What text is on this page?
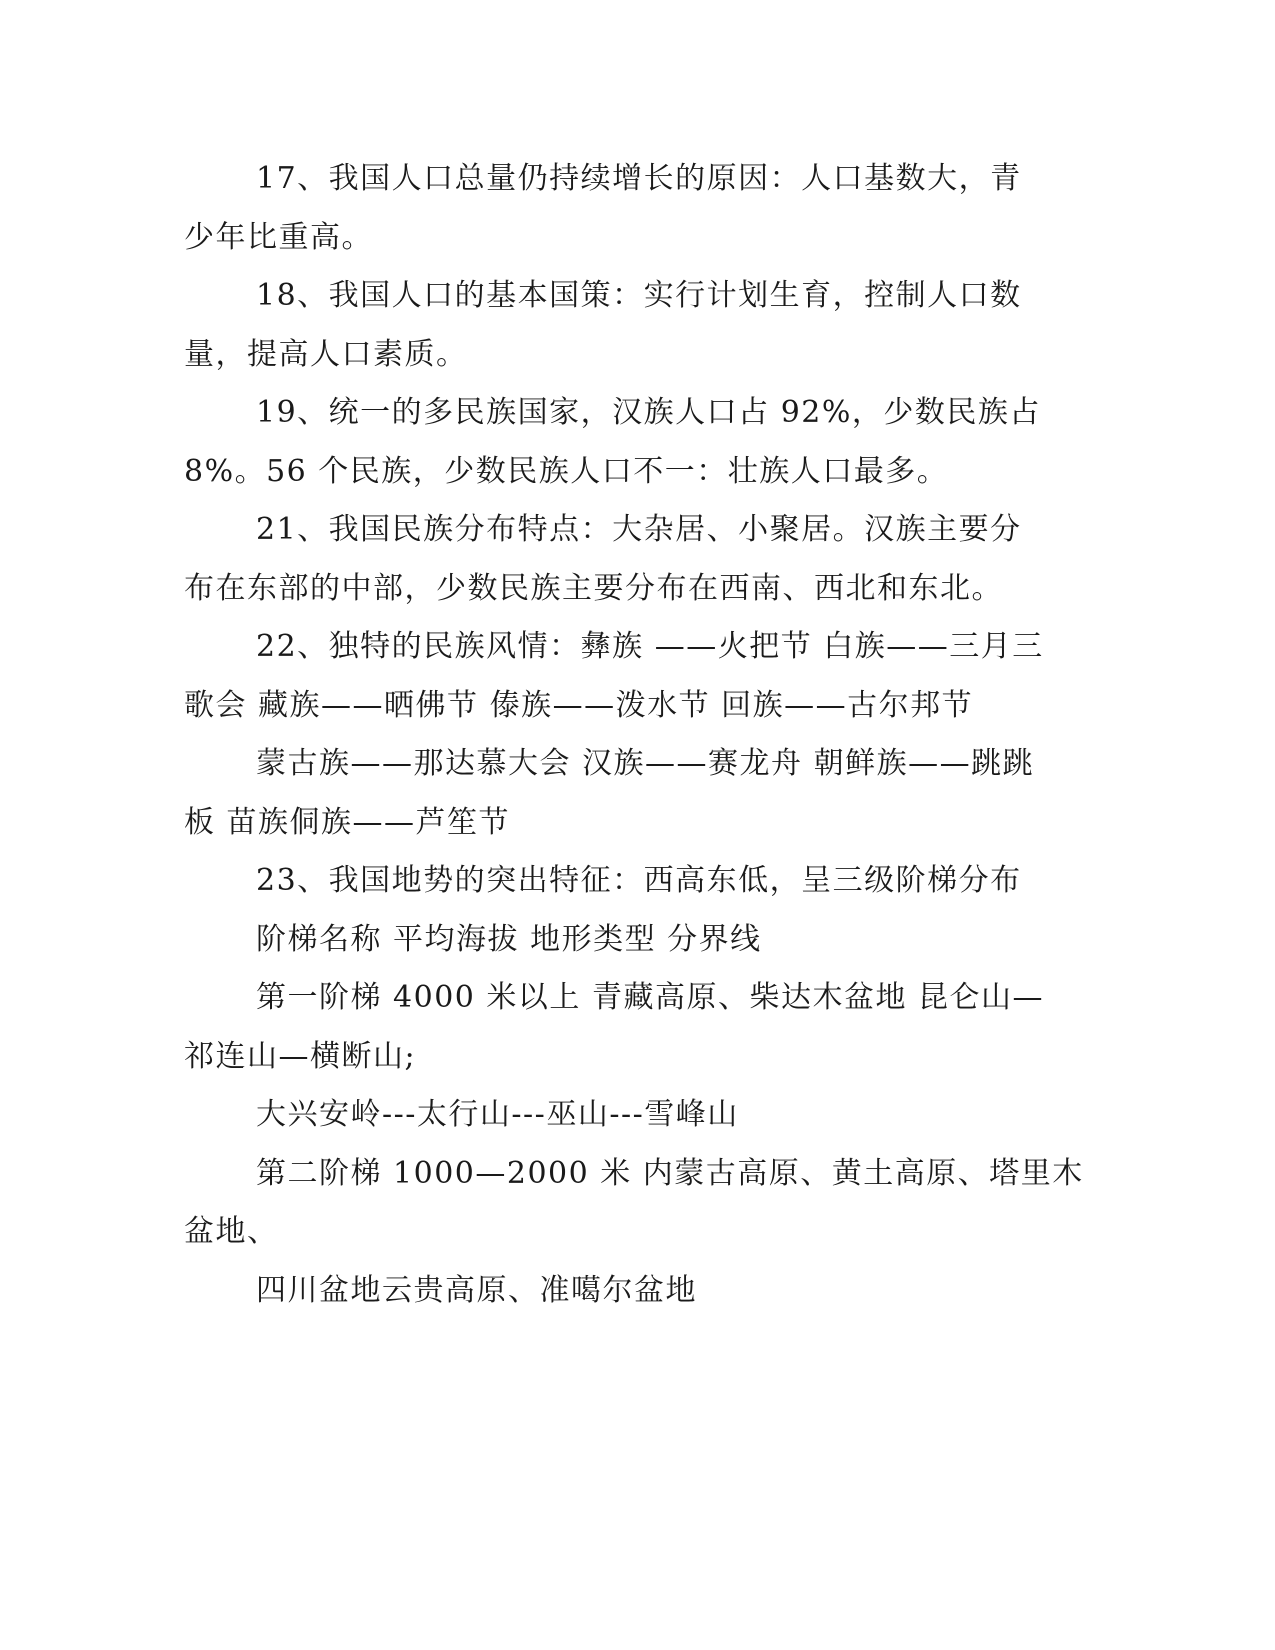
17、我国人口总量仍持续增长的原因：人口基数大，青
少年比重高。
18、我国人口的基本国策：实行计划生育，控制人口数
量，提高人口素质。
19、统一的多民族国家，汉族人口占 92%，少数民族占
8%。56 个民族，少数民族人口不一：壮族人口最多。
21、我国民族分布特点：大杂居、小聚居。汉族主要分
布在东部的中部，少数民族主要分布在西南、西北和东北。
22、独特的民族风情：彝族 ——火把节 白族——三月三
歌会 藏族——晒佛节 傣族——泼水节 回族——古尔邦节
蒙古族——那达慕大会 汉族——赛龙舟 朝鲜族——跳跳
板 苗族侗族——芦笙节
23、我国地势的突出特征：西高东低，呈三级阶梯分布
阶梯名称 平均海拔 地形类型 分界线
第一阶梯 4000 米以上 青藏高原、柴达木盆地 昆仑山—
祁连山—横断山;
大兴安岭---太行山---巫山---雪峰山
第二阶梯 1000—2000 米 内蒙古高原、黄土高原、塔里木
盆地、
四川盆地云贵高原、准噶尔盆地
